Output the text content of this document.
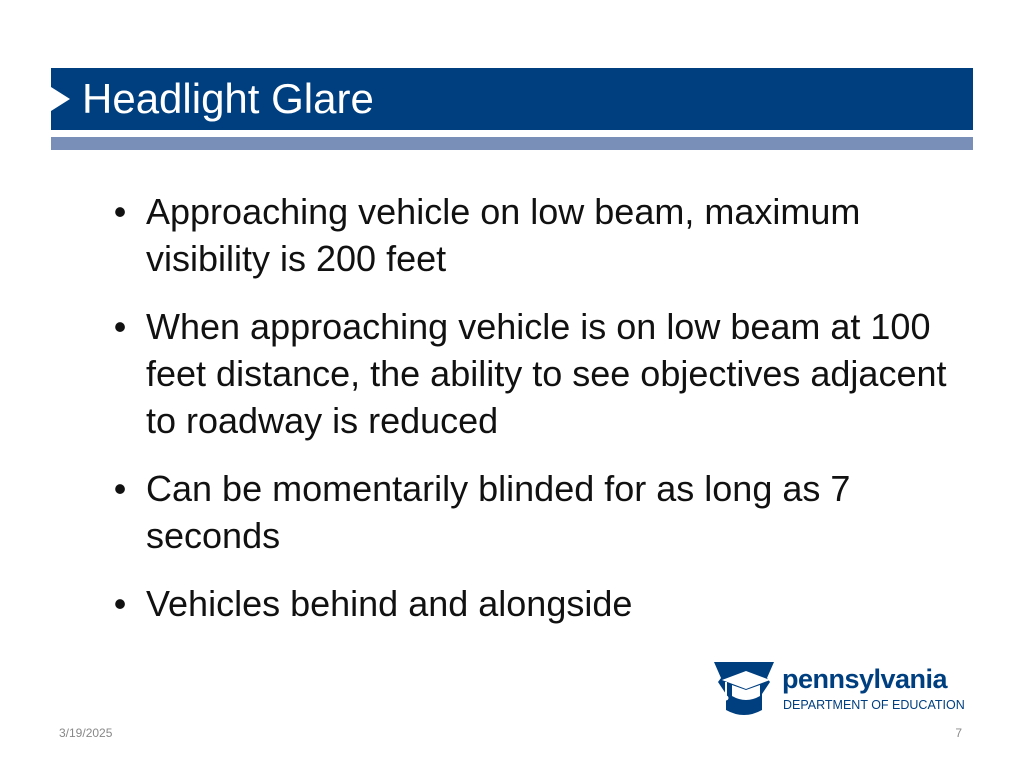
Headlight Glare
• Approaching vehicle on low beam, maximum visibility is 200 feet
• When approaching vehicle is on low beam at 100 feet distance, the ability to see objectives adjacent to roadway is reduced
• Can be momentarily blinded for as long as 7 seconds
• Vehicles behind and alongside
pennsylvania
DEPARTMENT OF EDUCATION
3/19/2025	7
